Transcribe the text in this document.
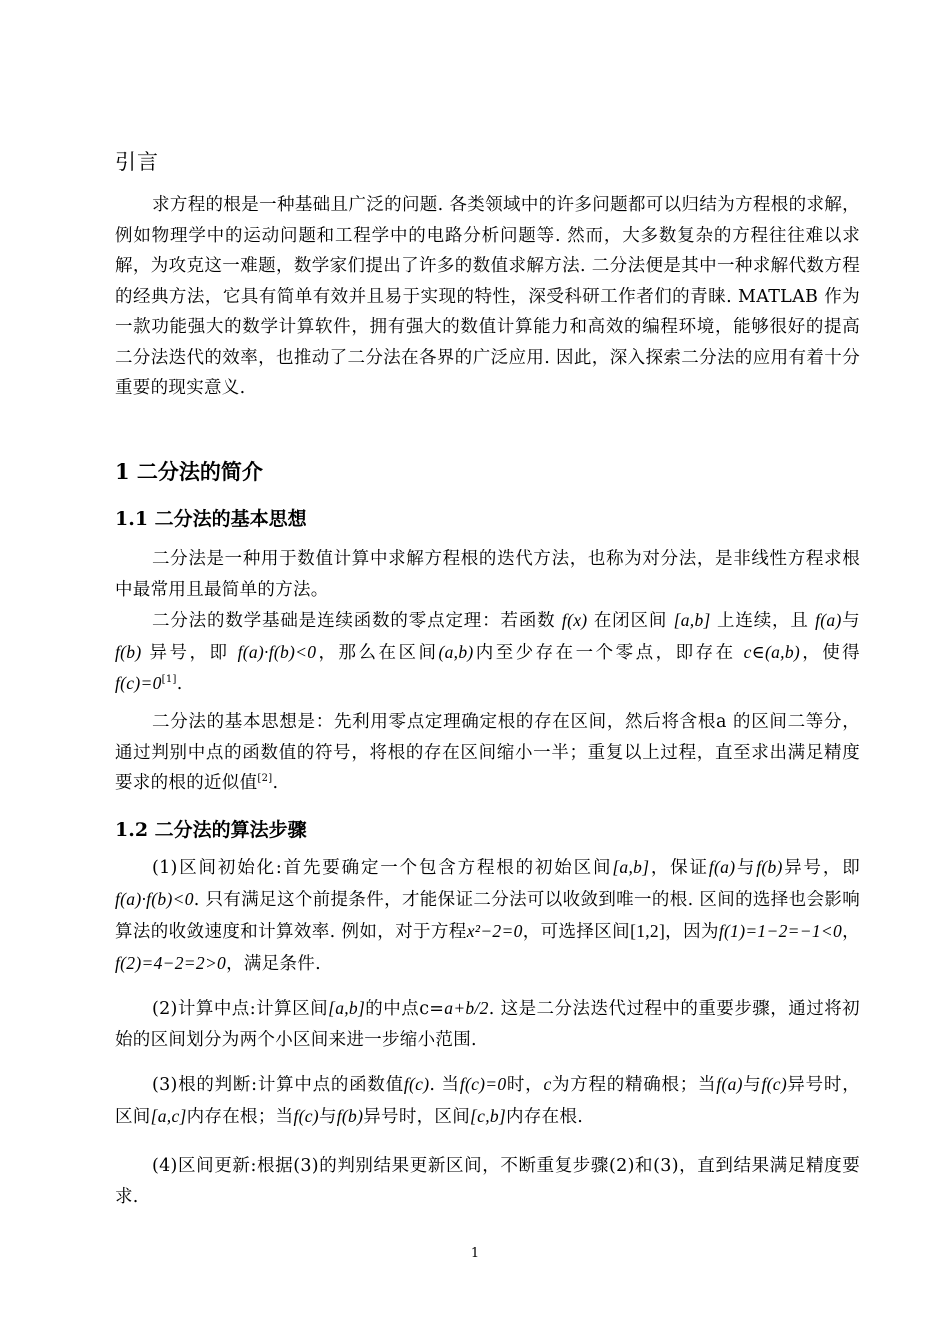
引言
求方程的根是一种基础且广泛的问题. 各类领域中的许多问题都可以归结为方程根的求解，例如物理学中的运动问题和工程学中的电路分析问题等. 然而，大多数复杂的方程往往难以求解，为攻克这一难题，数学家们提出了许多的数值求解方法. 二分法便是其中一种求解代数方程的经典方法，它具有简单有效并且易于实现的特性，深受科研工作者们的青睐. MATLAB 作为一款功能强大的数学计算软件，拥有强大的数值计算能力和高效的编程环境，能够很好的提高二分法迭代的效率，也推动了二分法在各界的广泛应用. 因此，深入探索二分法的应用有着十分重要的现实意义.
1 二分法的简介
1.1 二分法的基本思想
二分法是一种用于数值计算中求解方程根的迭代方法，也称为对分法，是非线性方程求根中最常用且最简单的方法。
二分法的数学基础是连续函数的零点定理：若函数 f(x) 在闭区间 [a,b] 上连续，且 f(a)与f(b) 异号，即 f(a)·f(b)<0，那么在区间(a,b)内至少存在一个零点，即存在 c∈(a,b)，使得 f(c)=0[1].
二分法的基本思想是：先利用零点定理确定根的存在区间，然后将含根a 的区间二等分，通过判别中点的函数值的符号，将根的存在区间缩小一半；重复以上过程，直至求出满足精度要求的根的近似值[2].
1.2 二分法的算法步骤
(1)区间初始化:首先要确定一个包含方程根的初始区间[a,b]，保证f(a)与f(b)异号，即f(a)·f(b)<0. 只有满足这个前提条件，才能保证二分法可以收敛到唯一的根. 区间的选择也会影响算法的收敛速度和计算效率. 例如，对于方程x²−2=0，可选择区间[1,2]，因为f(1)=1−2=−1<0，f(2)=4−2=2>0，满足条件.
(2)计算中点:计算区间[a,b]的中点c=a+b/2. 这是二分法迭代过程中的重要步骤，通过将初始的区间划分为两个小区间来进一步缩小范围.
(3)根的判断:计算中点的函数值f(c). 当f(c)=0时，c为方程的精确根；当f(a)与f(c)异号时，区间[a,c]内存在根；当f(c)与f(b)异号时，区间[c,b]内存在根.
(4)区间更新:根据(3)的判别结果更新区间，不断重复步骤(2)和(3)，直到结果满足精度要求.
1
